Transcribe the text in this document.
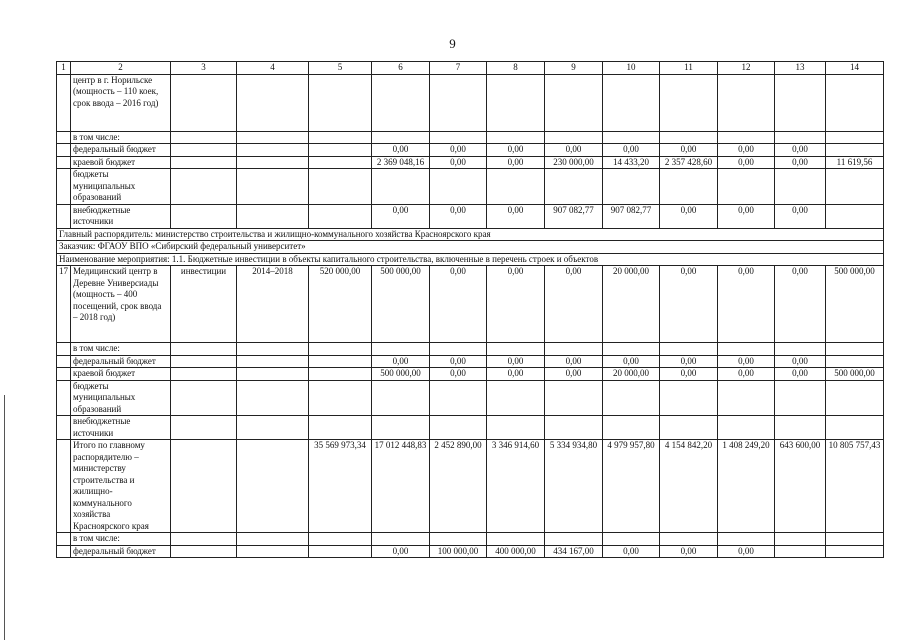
9
1	2	3	4	5	6	7	8	9	10	11	12	13	14
	центр в г. Норильске (мощность – 110 коек, срок ввода – 2016 год)												
	в том числе:												
	федеральный бюджет				0,00	0,00	0,00	0,00	0,00	0,00	0,00	0,00	
	краевой бюджет				2 369 048,16	0,00	0,00	230 000,00	14 433,20	2 357 428,60	0,00	0,00	11 619,56
	бюджеты муниципальных образований												
	внебюджетные источники				0,00	0,00	0,00	907 082,77	907 082,77	0,00	0,00	0,00	
Главный распорядитель: министерство строительства и жилищно-коммунального хозяйства Красноярского края													
Заказчик: ФГАОУ ВПО «Сибирский федеральный университет»													
Наименование мероприятия: 1.1. Бюджетные инвестиции в объекты капитального строительства, включенные в перечень строек и объектов													
17	Медицинский центр в Деревне Универсиады (мощность – 400 посещений, срок ввода – 2018 год)	инвестиции	2014–2018	520 000,00	500 000,00	0,00	0,00	0,00	20 000,00	0,00	0,00	0,00	500 000,00
	в том числе:												
	федеральный бюджет				0,00	0,00	0,00	0,00	0,00	0,00	0,00	0,00	
	краевой бюджет				500 000,00	0,00	0,00	0,00	20 000,00	0,00	0,00	0,00	500 000,00
	бюджеты муниципальных образований												
	внебюджетные источники												
	Итого по главному распорядителю – министерству строительства и жилищно-коммунального хозяйства Красноярского края			35 569 973,34	17 012 448,83	2 452 890,00	3 346 914,60	5 334 934,80	4 979 957,80	4 154 842,20	1 408 249,20	643 600,00	10 805 757,43
	в том числе:												
	федеральный бюджет				0,00	100 000,00	400 000,00	434 167,00	0,00	0,00	0,00		
